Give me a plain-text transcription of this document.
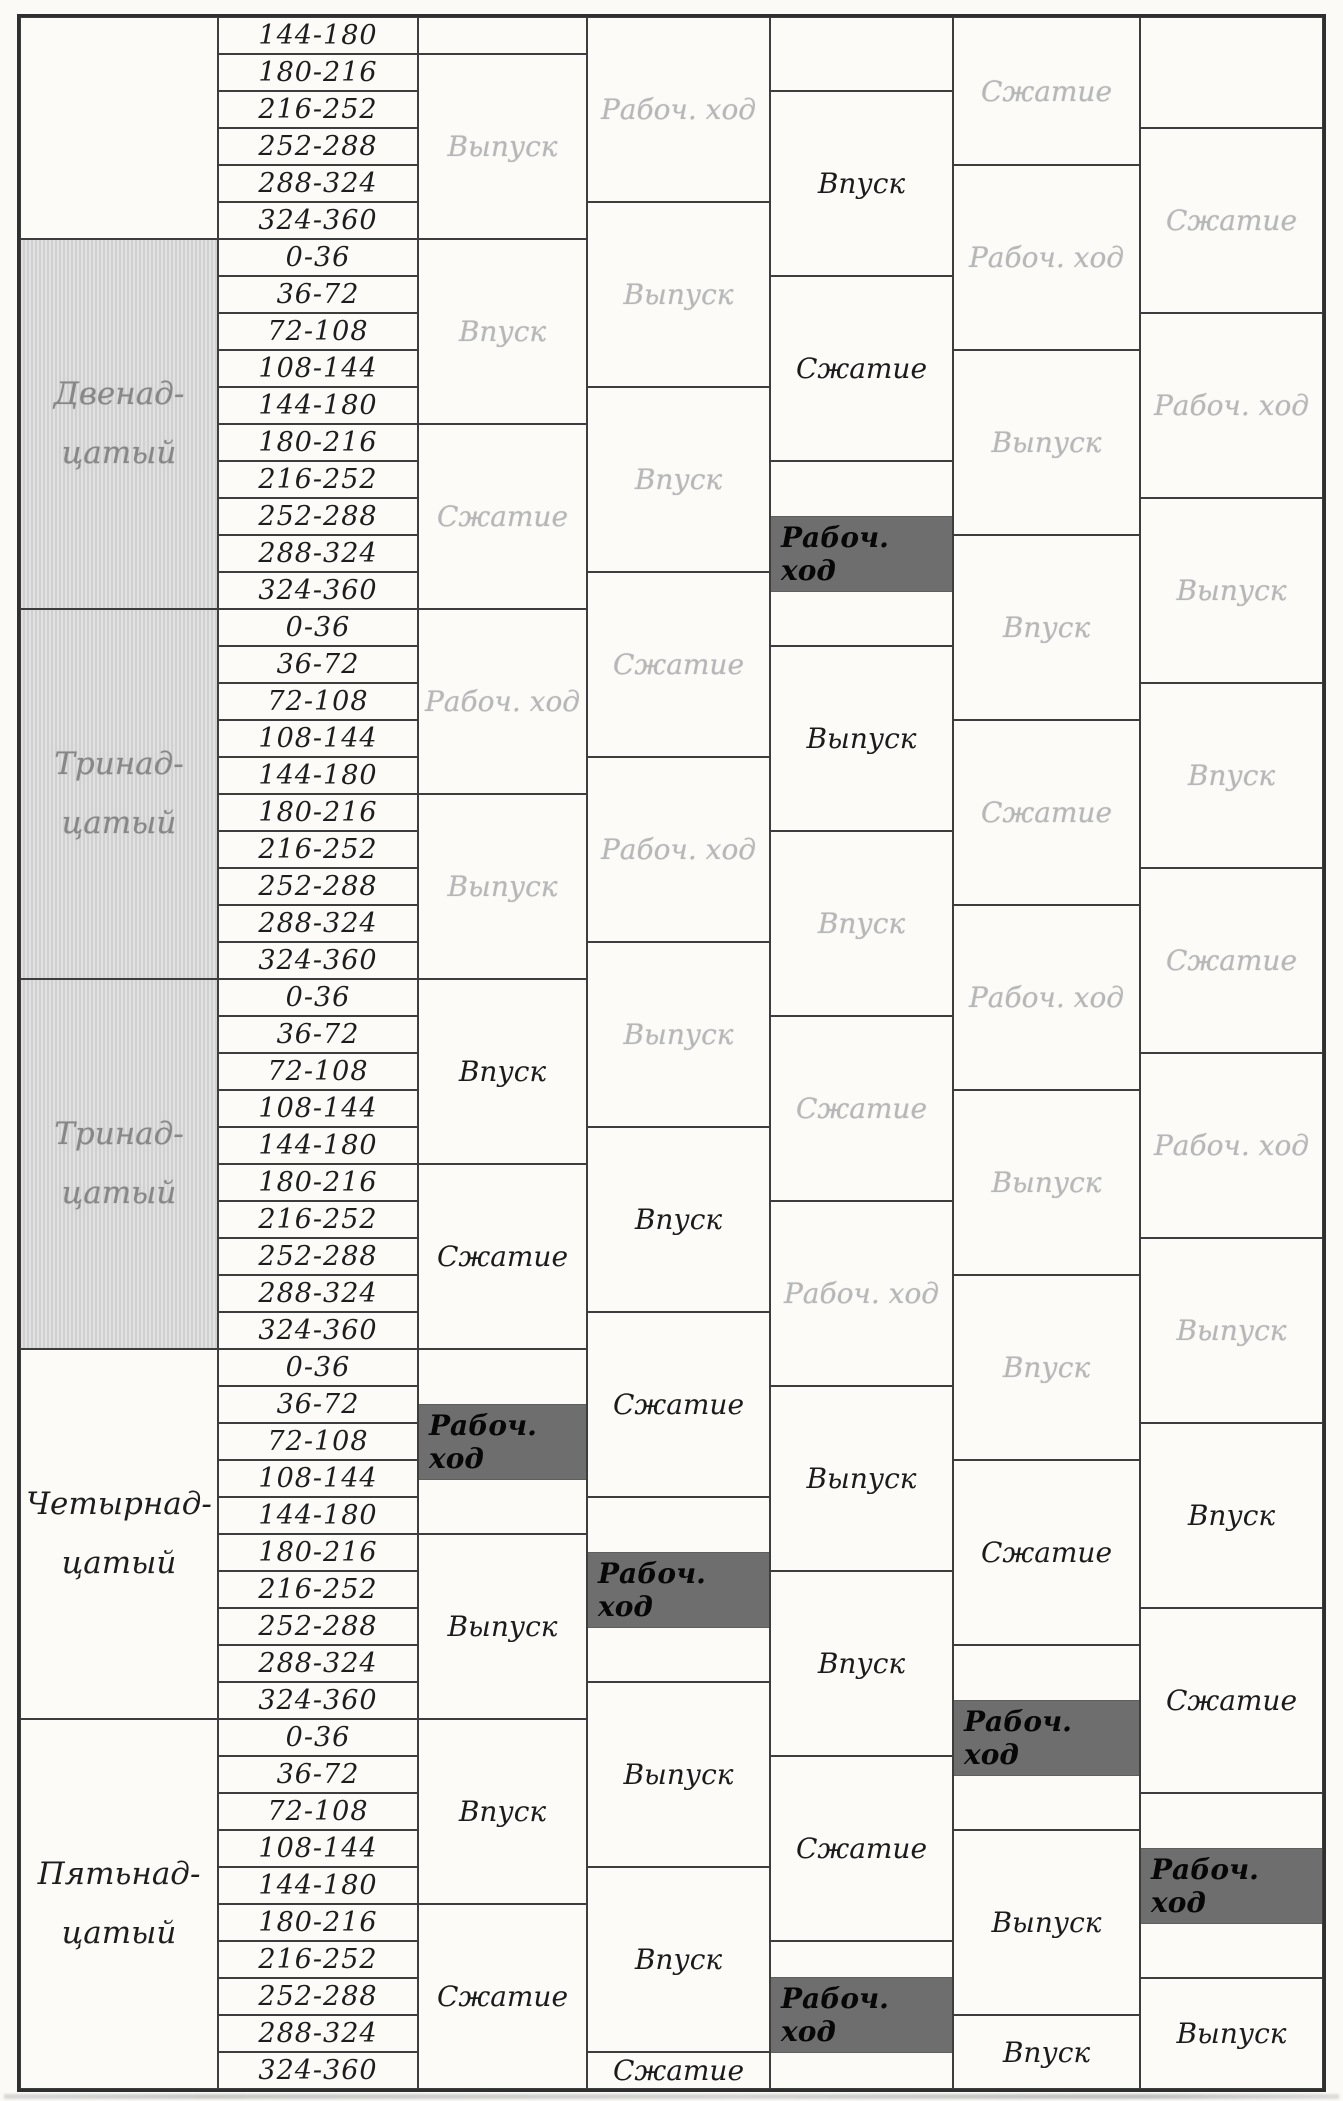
Двенад-
цатый
Тринад-
цатый
Тринад-
цатый
Четырнад-
цатый
Пятьнад-
цатый
144-180
180-216
216-252
252-288
288-324
324-360
0-36
36-72
72-108
108-144
144-180
180-216
216-252
252-288
288-324
324-360
0-36
36-72
72-108
108-144
144-180
180-216
216-252
252-288
288-324
324-360
0-36
36-72
72-108
108-144
144-180
180-216
216-252
252-288
288-324
324-360
0-36
36-72
72-108
108-144
144-180
180-216
216-252
252-288
288-324
324-360
0-36
36-72
72-108
108-144
144-180
180-216
216-252
252-288
288-324
324-360
Выпуск
Впуск
Сжатие
Рабоч. ход
Выпуск
Впуск
Сжатие
Рабоч. ход
Выпуск
Впуск
Сжатие
Рабоч. ход
Выпуск
Впуск
Сжатие
Рабоч. ход
Выпуск
Впуск
Сжатие
Рабоч. ход
Выпуск
Впуск
Сжатие
Впуск
Сжатие
Рабоч. ход
Выпуск
Впуск
Сжатие
Рабоч. ход
Выпуск
Впуск
Сжатие
Рабоч. ход
Сжатие
Рабоч. ход
Выпуск
Впуск
Сжатие
Рабоч. ход
Выпуск
Впуск
Сжатие
Рабоч. ход
Выпуск
Впуск
Сжатие
Рабоч. ход
Выпуск
Впуск
Сжатие
Рабоч. ход
Выпуск
Впуск
Сжатие
Рабоч. ход
Выпуск
